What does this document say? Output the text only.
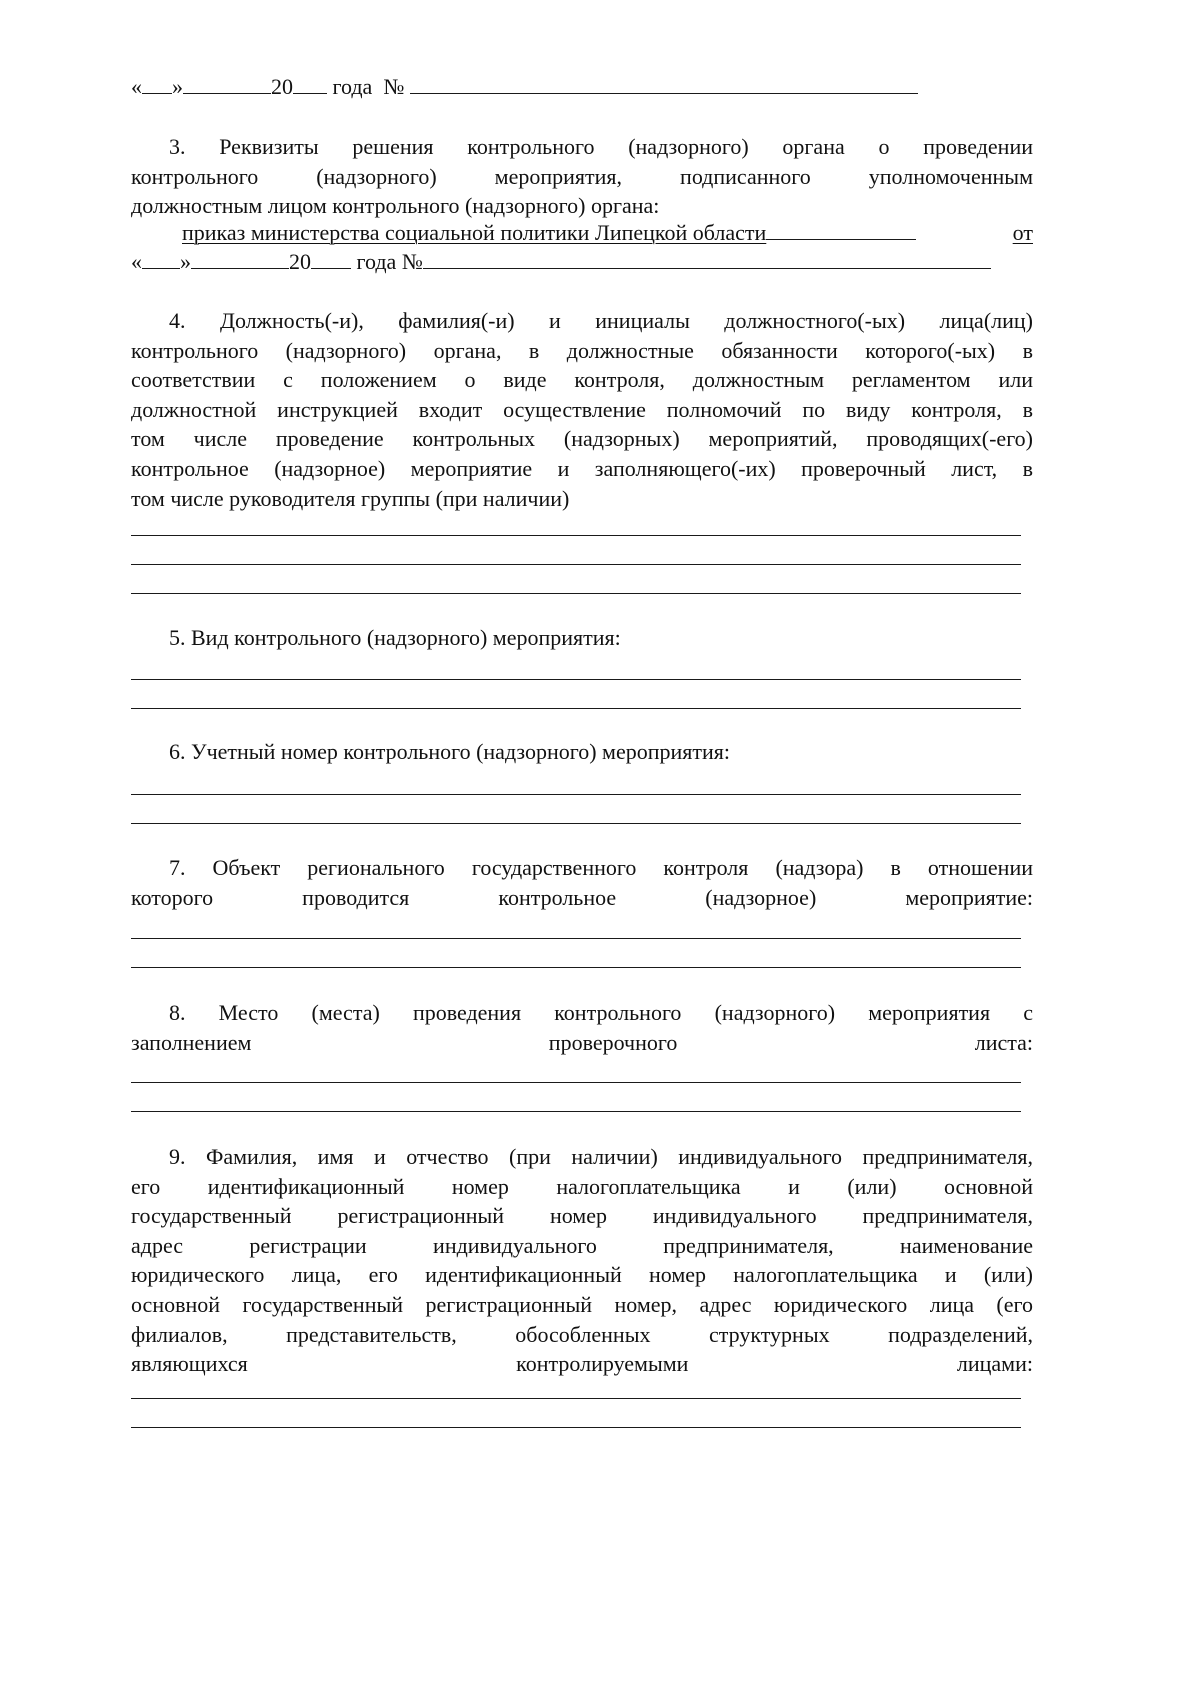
« »	20 года №
3. Реквизиты решения контрольного (надзорного) органа о проведении
контрольного (надзорного) мероприятия, подписанного уполномоченным
должностным лицом контрольного (надзорного) органа:
приказ министерства социальной политики Липецкой области	от
« »	20 года №
4. Должность(-и), фамилия(-и) и инициалы должностного(-ых) лица(лиц)
контрольного (надзорного) органа, в должностные обязанности которого(-ых) в
соответствии с положением о виде контроля, должностным регламентом или
должностной инструкцией входит осуществление полномочий по виду контроля, в
том числе проведение контрольных (надзорных) мероприятий, проводящих(-его)
контрольное (надзорное) мероприятие и заполняющего(-их) проверочный лист, в
том числе руководителя группы (при наличии)
5. Вид контрольного (надзорного) мероприятия:
6. Учетный номер контрольного (надзорного) мероприятия:
7. Объект регионального государственного контроля (надзора) в отношении
которого проводится контрольное (надзорное) мероприятие:
8. Место (места) проведения контрольного (надзорного) мероприятия с
заполнением проверочного листа:
9. Фамилия, имя и отчество (при наличии) индивидуального предпринимателя,
его идентификационный номер налогоплательщика и (или) основной
государственный регистрационный номер индивидуального предпринимателя,
адрес регистрации индивидуального предпринимателя, наименование
юридического лица, его идентификационный номер налогоплательщика и (или)
основной государственный регистрационный номер, адрес юридического лица (его
филиалов, представительств, обособленных структурных подразделений,
являющихся контролируемыми лицами:
